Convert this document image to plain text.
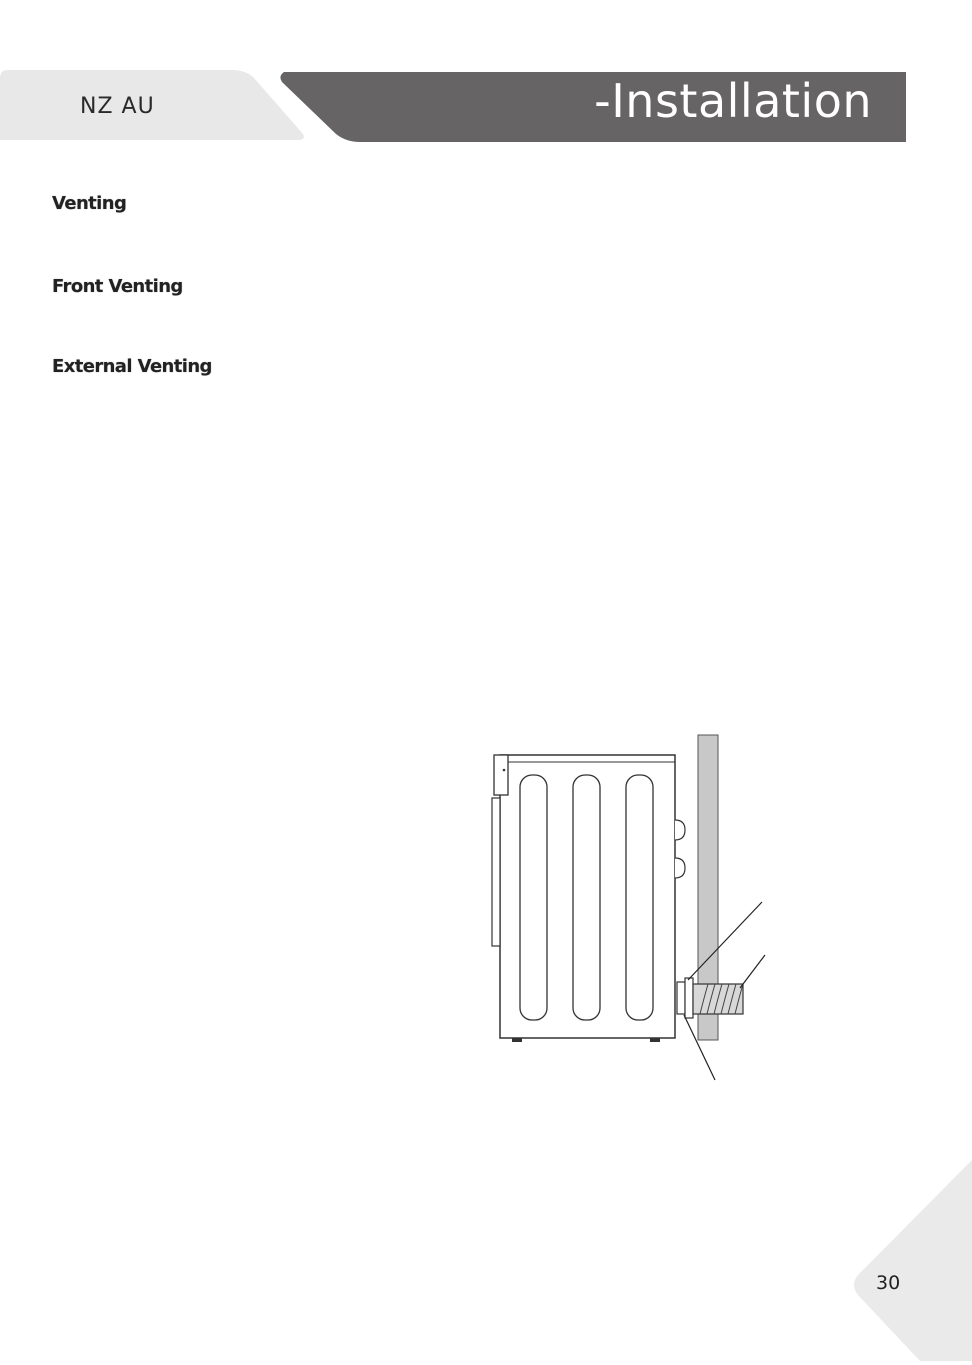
NZ AU	-Installation
Venting
Front Venting
External Venting
30
